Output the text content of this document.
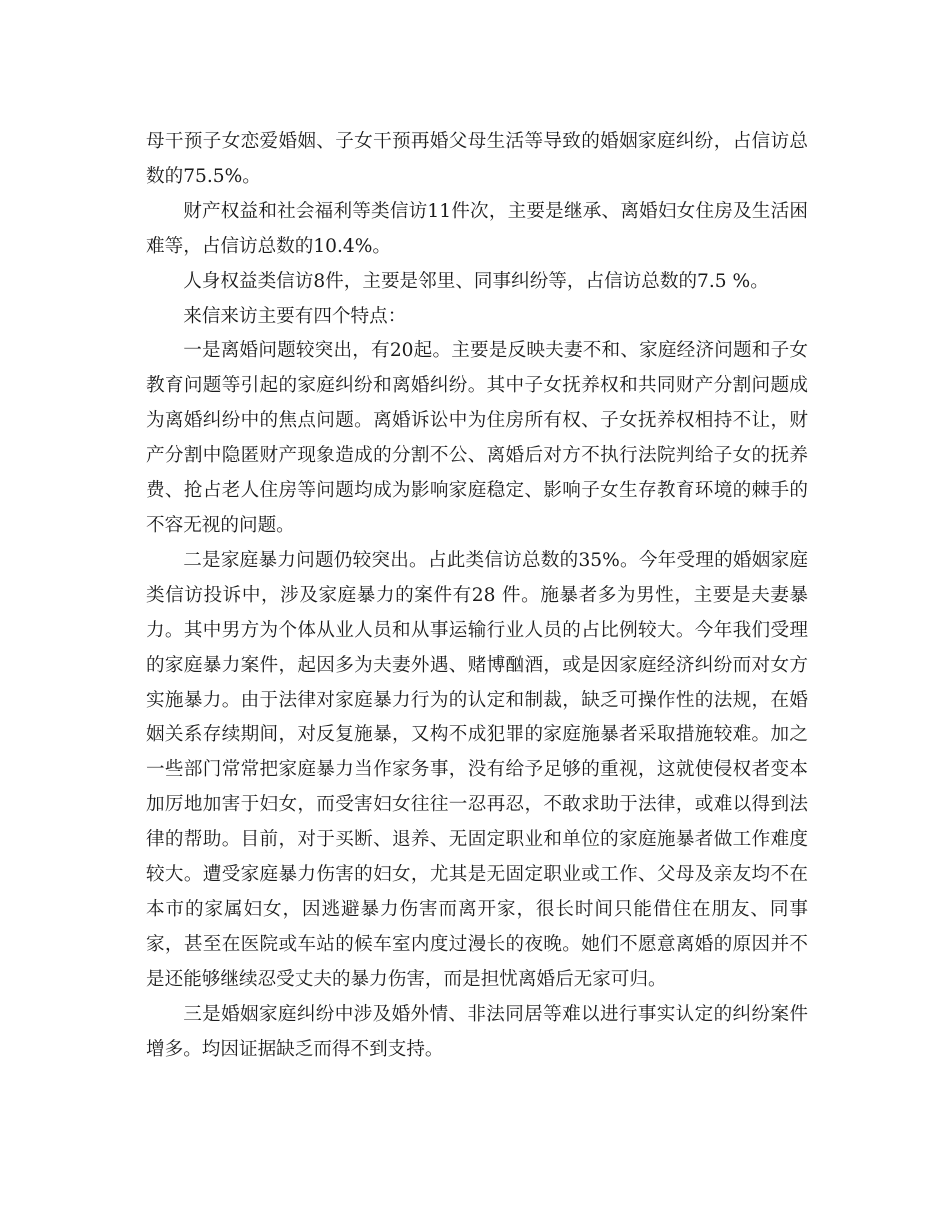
母干预子女恋爱婚姻、子女干预再婚父母生活等导致的婚姻家庭纠纷，占信访总数的75.5%。

财产权益和社会福利等类信访11件次，主要是继承、离婚妇女住房及生活困难等，占信访总数的10.4%。

人身权益类信访8件，主要是邻里、同事纠纷等，占信访总数的7.5 %。

来信来访主要有四个特点：

一是离婚问题较突出，有20起。主要是反映夫妻不和、家庭经济问题和子女教育问题等引起的家庭纠纷和离婚纠纷。其中子女抚养权和共同财产分割问题成为离婚纠纷中的焦点问题。离婚诉讼中为住房所有权、子女抚养权相持不让，财产分割中隐匿财产现象造成的分割不公、离婚后对方不执行法院判给子女的抚养费、抢占老人住房等问题均成为影响家庭稳定、影响子女生存教育环境的棘手的不容无视的问题。

二是家庭暴力问题仍较突出。占此类信访总数的35%。今年受理的婚姻家庭类信访投诉中，涉及家庭暴力的案件有28 件。施暴者多为男性，主要是夫妻暴力。其中男方为个体从业人员和从事运输行业人员的占比例较大。今年我们受理的家庭暴力案件，起因多为夫妻外遇、赌博酗酒，或是因家庭经济纠纷而对女方实施暴力。由于法律对家庭暴力行为的认定和制裁，缺乏可操作性的法规，在婚姻关系存续期间，对反复施暴，又构不成犯罪的家庭施暴者采取措施较难。加之一些部门常常把家庭暴力当作家务事，没有给予足够的重视，这就使侵权者变本加厉地加害于妇女，而受害妇女往往一忍再忍，不敢求助于法律，或难以得到法律的帮助。目前，对于买断、退养、无固定职业和单位的家庭施暴者做工作难度较大。遭受家庭暴力伤害的妇女，尤其是无固定职业或工作、父母及亲友均不在本市的家属妇女，因逃避暴力伤害而离开家，很长时间只能借住在朋友、同事家，甚至在医院或车站的候车室内度过漫长的夜晚。她们不愿意离婚的原因并不是还能够继续忍受丈夫的暴力伤害，而是担忧离婚后无家可归。

三是婚姻家庭纠纷中涉及婚外情、非法同居等难以进行事实认定的纠纷案件增多。均因证据缺乏而得不到支持。
